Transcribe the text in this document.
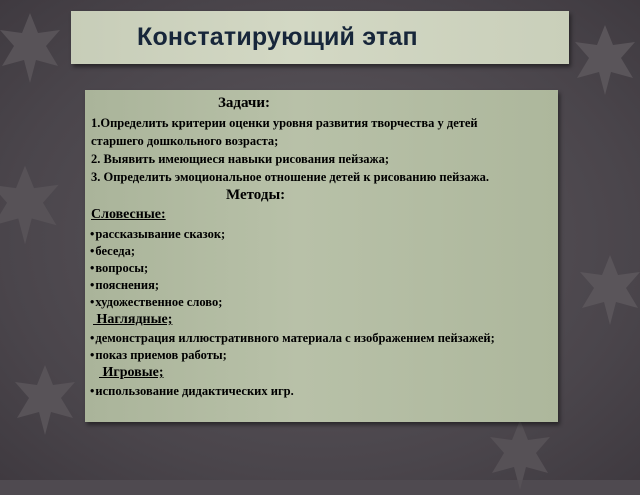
Констатирующий этап
Задачи:
1.Определить критерии оценки уровня развития творчества у детей
старшего дошкольного возраста;
2. Выявить имеющиеся навыки рисования пейзажа;
3. Определить эмоциональное отношение детей к рисованию пейзажа.
Методы:
Словесные:
• рассказывание сказок;
• беседа;
• вопросы;
• пояснения;
• художественное слово;
Наглядные;
• демонстрация иллюстративного материала с изображением пейзажей;
• показ приемов работы;
Игровые;
• использование дидактических игр.
